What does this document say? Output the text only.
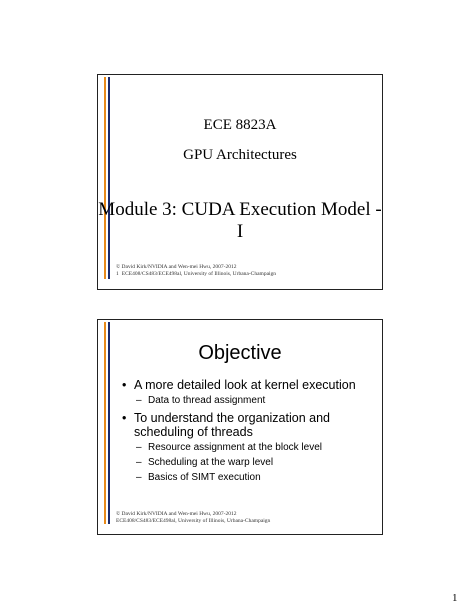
ECE 8823A
GPU Architectures
Module 3: CUDA Execution Model -I
© David Kirk/NVIDIA and Wen-mei Hwu, 2007-2012
1 ECE408/CS483/ECE498al, University of Illinois, Urbana-Champaign
Objective
• A more detailed look at kernel execution
– Data to thread assignment
• To understand the organization and scheduling of threads
– Resource assignment at the block level
– Scheduling at the warp level
– Basics of SIMT execution
© David Kirk/NVIDIA and Wen-mei Hwu, 2007-2012
ECE408/CS483/ECE498al, University of Illinois, Urbana-Champaign
1
